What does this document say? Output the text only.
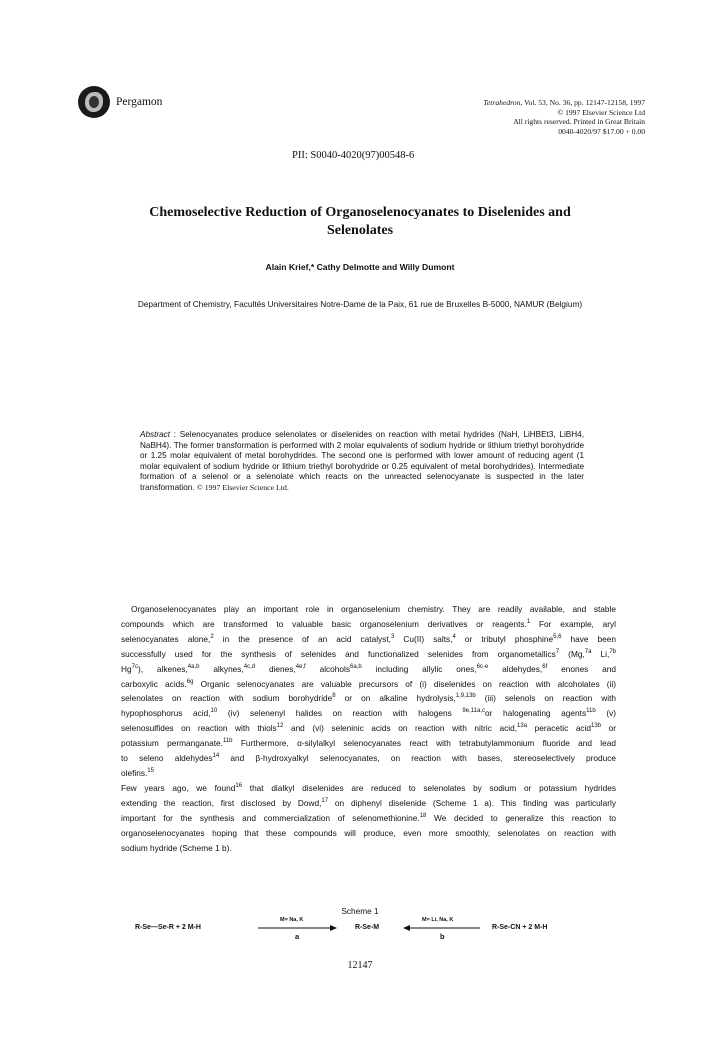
Pergamon	Tetrahedron, Vol. 53, No. 36, pp. 12147-12158, 1997
© 1997 Elsevier Science Ltd
All rights reserved. Printed in Great Britain
0040-4020/97 $17.00 + 0.00
PII: S0040-4020(97)00548-6
Chemoselective Reduction of Organoselenocyanates to Diselenides and
Selenolates
Alain Krief,* Cathy Delmotte and Willy Dumont
Department of Chemistry, Facultés Universitaires Notre-Dame de la Paix, 61 rue de Bruxelles B-5000, NAMUR (Belgium)
Abstract : Selenocyanates produce selenolates or diselenides on reaction with metal hydrides (NaH, LiHBEt3, LiBH4, NaBH4). The former transformation is performed with 2 molar equivalents of sodium hydride or lithium triethyl borohydride or 1.25 molar equivalent of metal borohydrides. The second one is performed with lower amount of reducing agent (1 molar equivalent of sodium hydride or lithium triethyl borohydride or 0.25 equivalent of metal borohydrides). Intermediate formation of a selenol or a selenolate which reacts on the unreacted selenocyanate is suspected in the later transformation. © 1997 Elsevier Science Ltd.
Organoselenocyanates play an important role in organoselenium chemistry. They are readily available, and stable
compounds which are transformed to valuable basic organoselenium derivatives or reagents.$^1$ For example, aryl
selenocyanates alone,$^2$ in the presence of an acid catalyst,$^3$ Cu(II) salts,$^4$ or tributyl phosphine$^{5,6}$ have been
successfully used for the synthesis of selenides and functionalized selenides from organometallics$^7$ (Mg,$^{7a}$ Li,$^{7b}$
$Hg^{7c}$), alkenes,$^{4a,b}$ alkynes,$^{4c,d}$ dienes,$^{4e,f}$ alcohols$^{6a,b}$ including allylic ones,$^{6c-e}$ aldehydes,$^{6f}$ enones and
carboxylic acids.$^{6g}$ Organic selenocyanates are valuable precursors of (i) diselenides on reaction with alcoholates (ii)
selenolates on reaction with sodium borohydride$^8$ or on alkaline hydrolysis,$^{1,9,13b}$ (iii) selenols on reaction with
hypophosphorus acid,$^{10}$ (iv) selenenyl halides on reaction with halogens $^{9e,11a,c}$or halogenating agents$^{11b}$ (v)
selenosulfides on reaction with thiols$^{12}$ and (vi) seleninic acids on reaction with nitric acid,$^{13a}$ peracetic acid$^{13b}$ or
potassium permanganate.$^{11b}$ Furthermore, α-silylalkyl selenocyanates react with tetrabutylammonium fluoride and lead
to seleno aldehydes$^{14}$ and β-hydroxyalkyl selenocyanates, on reaction with bases, stereoselectively produce
olefins.$^{15}$
Few years ago, we found$^{16}$ that dialkyl diselenides are reduced to selenolates by sodium or potassium hydrides
extending the reaction, first disclosed by Dowd,$^{17}$ on diphenyl diselenide (Scheme 1 a). This finding was particularly
important for the synthesis and commercialization of selenomethionine.$^{18}$ We decided to generalize this reaction to
organoselenocyanates hoping that these compounds will produce, even more smoothly, selenolates on reaction with
sodium hydride (Scheme 1 b).
Scheme 1
R-Se—Se-R + 2 M-H
M= Na, K
a
R-Se-M
M= Li, Na, K
b
R-Se-CN + 2 M-H
12147
